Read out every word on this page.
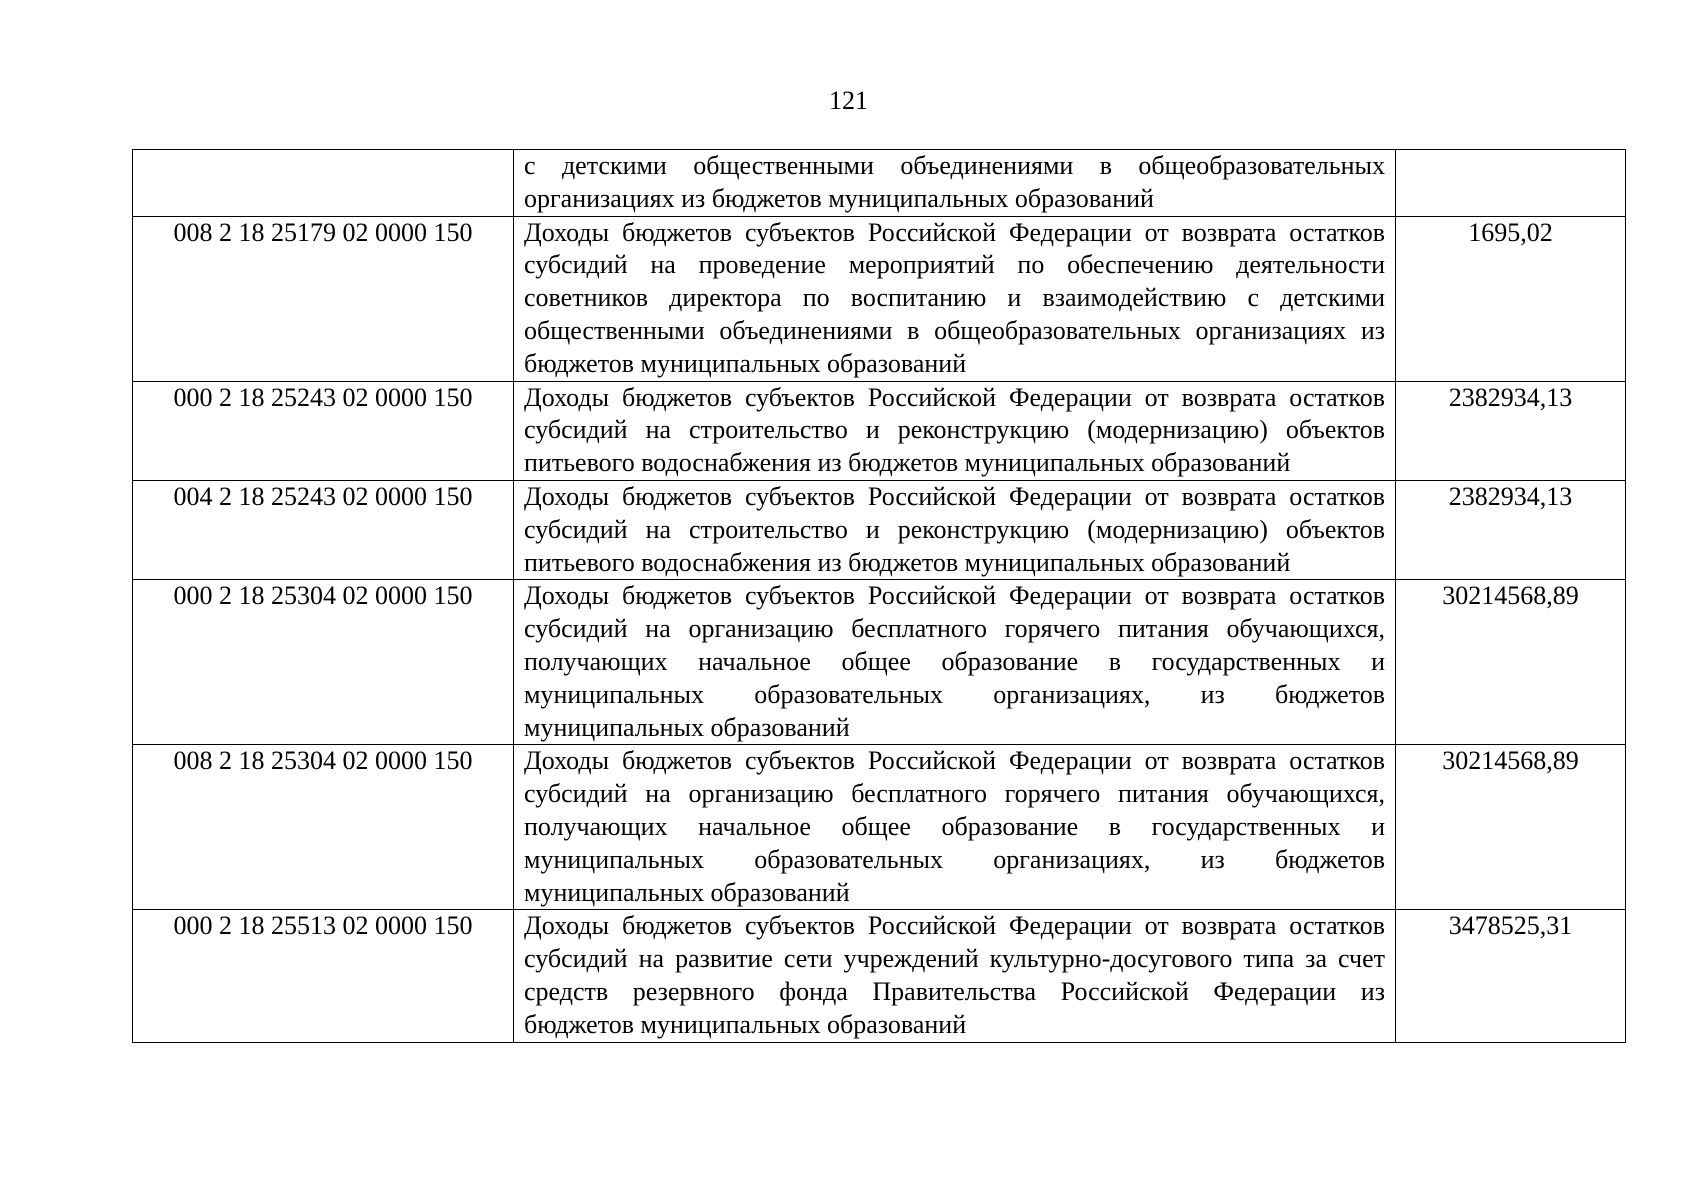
121
	с детскими общественными объединениями в общеобразовательных организациях из бюджетов муниципальных образований	
008 2 18 25179 02 0000 150	Доходы бюджетов субъектов Российской Федерации от возврата остатков субсидий на проведение мероприятий по обеспечению деятельности советников директора по воспитанию и взаимодействию с детскими общественными объединениями в общеобразовательных организациях из бюджетов муниципальных образований	1695,02
000 2 18 25243 02 0000 150	Доходы бюджетов субъектов Российской Федерации от возврата остатков субсидий на строительство и реконструкцию (модернизацию) объектов питьевого водоснабжения из бюджетов муниципальных образований	2382934,13
004 2 18 25243 02 0000 150	Доходы бюджетов субъектов Российской Федерации от возврата остатков субсидий на строительство и реконструкцию (модернизацию) объектов питьевого водоснабжения из бюджетов муниципальных образований	2382934,13
000 2 18 25304 02 0000 150	Доходы бюджетов субъектов Российской Федерации от возврата остатков субсидий на организацию бесплатного горячего питания обучающихся, получающих начальное общее образование в государственных и муниципальных образовательных организациях, из бюджетов муниципальных образований	30214568,89
008 2 18 25304 02 0000 150	Доходы бюджетов субъектов Российской Федерации от возврата остатков субсидий на организацию бесплатного горячего питания обучающихся, получающих начальное общее образование в государственных и муниципальных образовательных организациях, из бюджетов муниципальных образований	30214568,89
000 2 18 25513 02 0000 150	Доходы бюджетов субъектов Российской Федерации от возврата остатков субсидий на развитие сети учреждений культурно-досугового типа за счет средств резервного фонда Правительства Российской Федерации из бюджетов муниципальных образований	3478525,31
